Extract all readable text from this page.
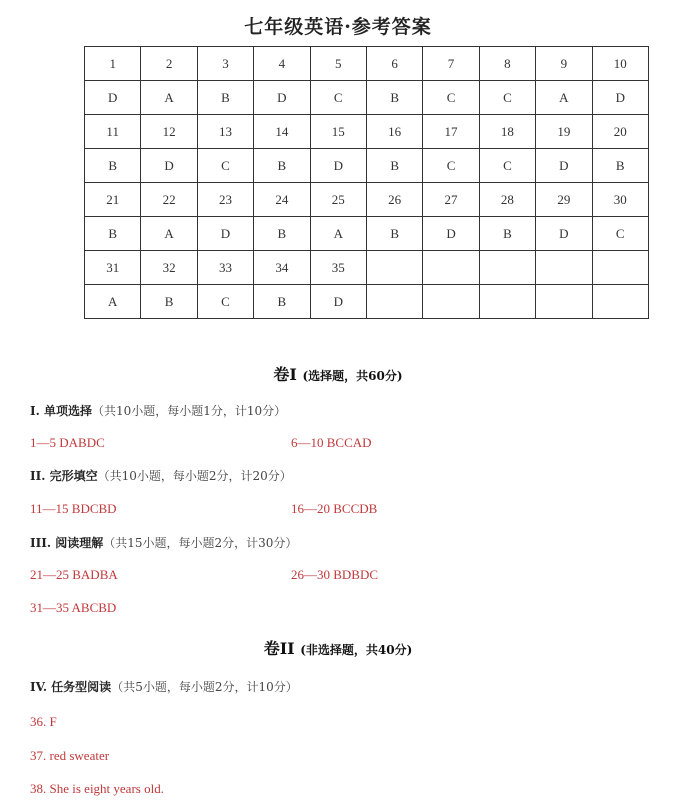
七年级英语·参考答案
1	2	3	4	5	6	7	8	9	10
D	A	B	D	C	B	C	C	A	D
11	12	13	14	15	16	17	18	19	20
B	D	C	B	D	B	C	C	D	B
21	22	23	24	25	26	27	28	29	30
B	A	D	B	A	B	D	B	D	C
31	32	33	34	35					
A	B	C	B	D					
卷I (选择题，共60分)
I. 单项选择（共10小题，每小题1分，计10分）
1—5 DABDC	6—10 BCCAD
II. 完形填空（共10小题，每小题2分，计20分）
11—15 BDCBD	16—20 BCCDB
III. 阅读理解（共15小题，每小题2分，计30分）
21—25 BADBA	26—30 BDBDC
31—35 ABCBD
卷II (非选择题，共40分)
IV. 任务型阅读（共5小题，每小题2分，计10分）
36. F
37. red sweater
38. She is eight years old.
